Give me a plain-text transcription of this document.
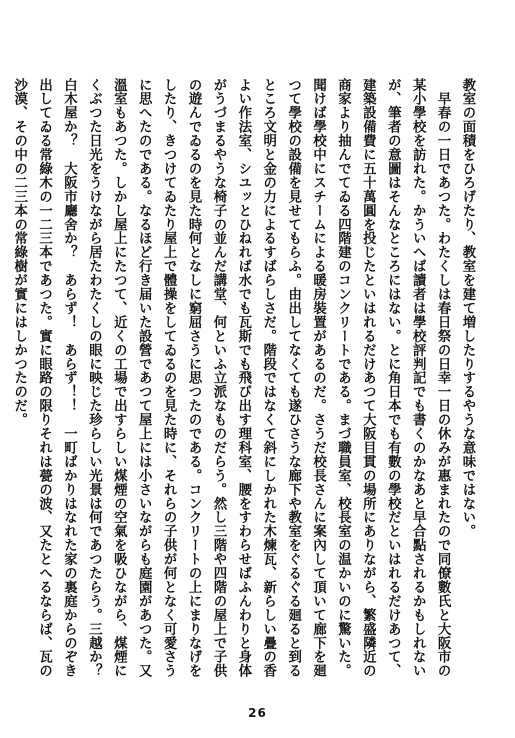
教室の面積をひろげたり、教室を建て増したりするやうな意味ではない。

　早春の一日であつた。わたくしは春日祭の日幸一日の休みが惠まれたので同僚數氏と大阪市の某小學校を訪れた。かういへば讀者は學校評判記でも書くのかなあと早合點されるかもしれないが、筆者の意圖はそんなところにはない。とに角日本でも有數の學校だといはれるだけあつて、建築設備費に五十萬圓を投じたといはれるだけあつて大阪目貫の場所にありながら、繁盛隣近の商家より抽んでてゐる四階建のコンクリートである。まづ職員室、校長室の温かいのに驚いた。聞けば學校中にスチームによる暖房裝置があるのだ。さうだ校長さんに案內して頂いて廊下を廻つて學校の設備を見せてもらふ。由出してなくても遂ひさうな廊下や教室をぐるぐる廻ると到るところ文明と金の力によるすばらしさだ。階段ではなくて斜にしかれた木煉瓦、新らしい疊の香よい作法室、シユッとひねれば水でも瓦斯でも飛び出す理科室、腰をすわらせばふんわりと身体がうづまるやうな椅子の並んだ講堂、何といふ立派なものだらう。然し三階や四階の屋上で子供の遊んでゐるのを見た時何となしに窮屈さうに思つたのである。コンクリートの上にまりなげをしたり、きつけてゐたり屋上で體操をしてゐるのを見た時に、それらの子供が何となく可愛さうに思へたのである。なるほど行き届いた設營であつて屋上には小さいながらも庭園があつた。又溫室もあつた。しかし屋上にたつて、近くの工場で出すらしい煤煙の空氣を吸ひながら、煤煙にくぶつた日光をうけながら居たわたくしの眼に映じた珍らしい光景は何であつたらう。三越か？　白木屋か？　大阪市廳舍か？　あらず！　あらず！！　一町ばかりはなれた家の裏庭からのぞき出してゐる常綠木の一二三本であつた。實に眼路の限りそれは甍の波、又たとへるならば、瓦の沙漠、その中の二三本の常綠樹が實にはしかつたのだ。

26
